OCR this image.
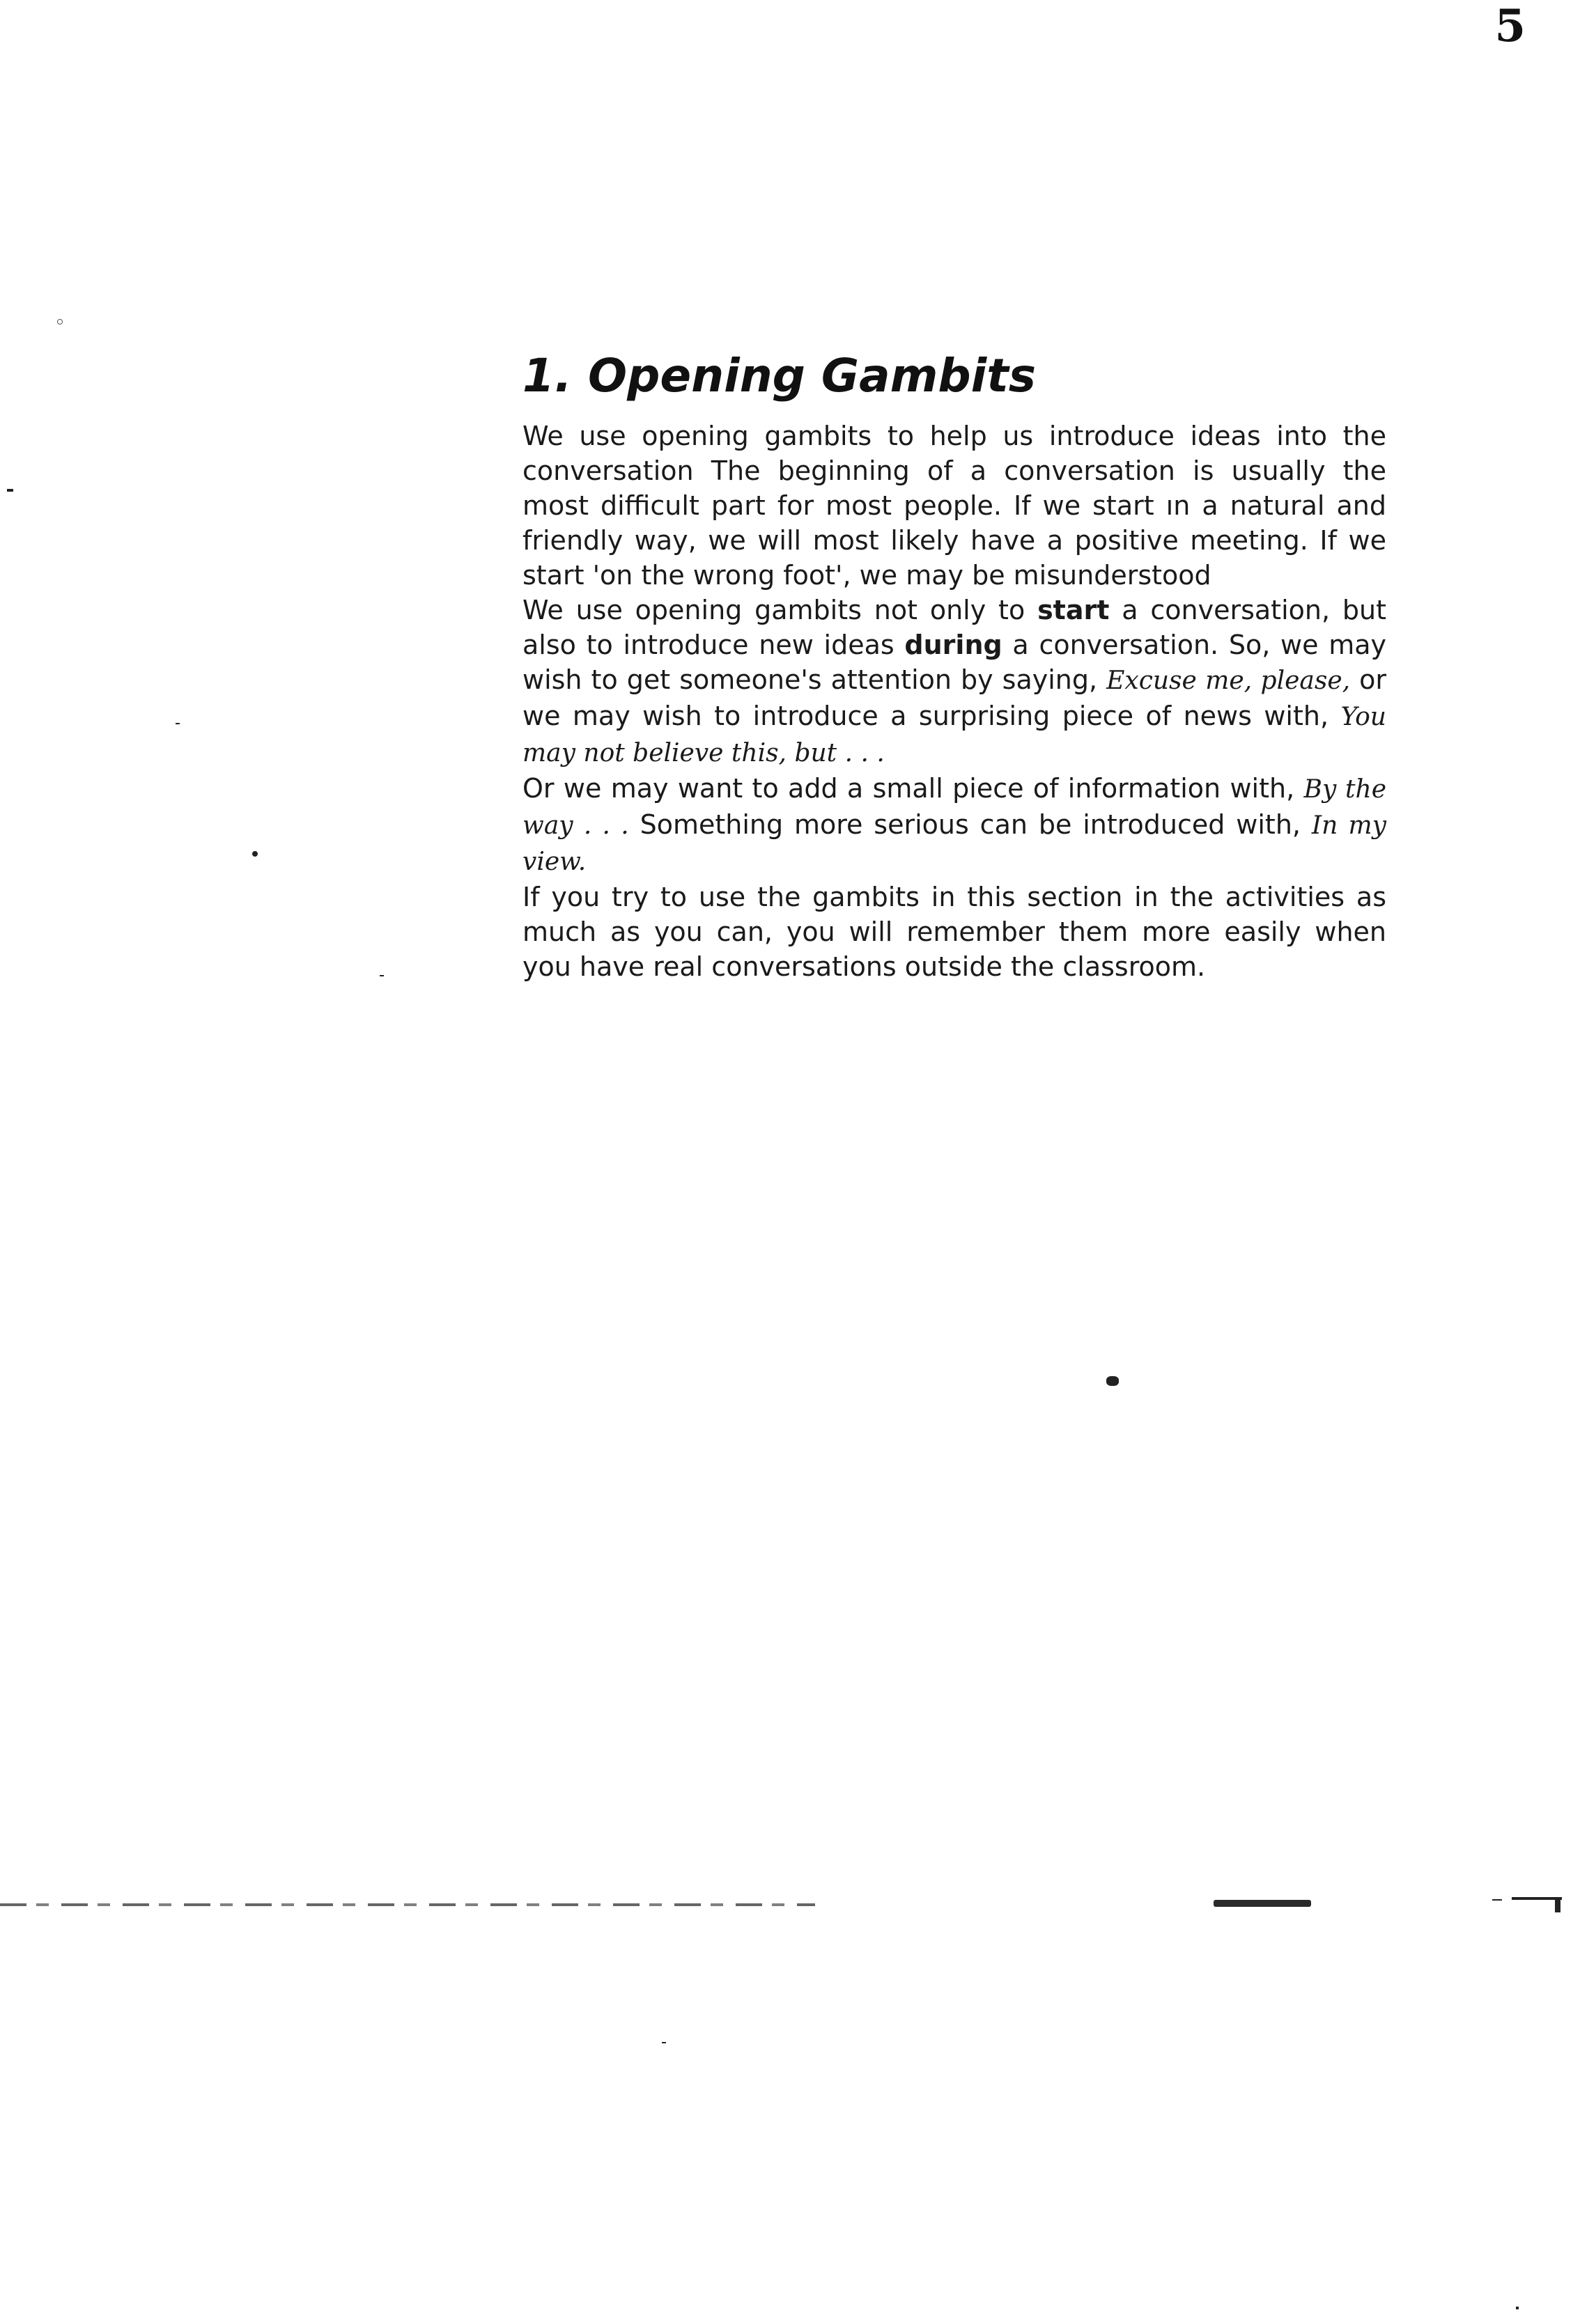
5
1. Opening Gambits

We use opening gambits to help us introduce ideas into the conversation The beginning of a conversation is usually the most difficult part for most people. If we start ın a natural and friendly way, we will most likely have a positive meeting. If we start 'on the wrong foot', we may be misunderstood

We use opening gambits not only to start a conversation, but also to introduce new ideas during a conversation. So, we may wish to get someone's attention by saying, Excuse me, please, or we may wish to introduce a surprising piece of news with, You may not believe this, but . . .

Or we may want to add a small piece of information with, By the way . . . Something more serious can be introduced with, In my view.

If you try to use the gambits in this section in the activities as much as you can, you will remember them more easily when you have real conversations outside the classroom.
